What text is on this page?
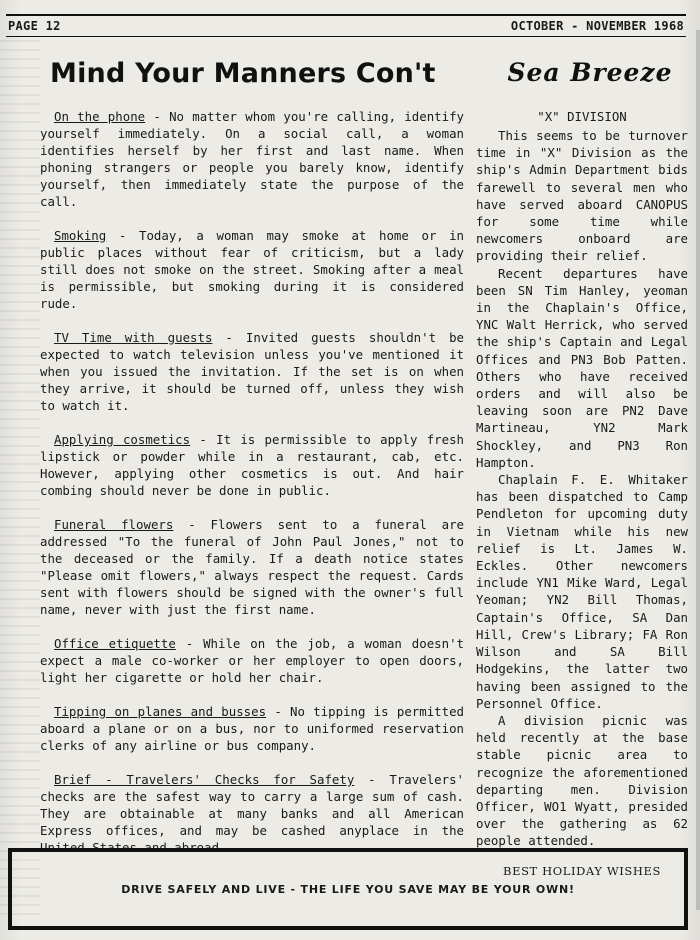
PAGE 12	OCTOBER - NOVEMBER 1968
Mind Your Manners Con't	Sea Breeze

On the phone - No matter whom you're calling, identify yourself immediately. On a social call, a woman identifies herself by her first and last name. When phoning strangers or people you barely know, identify yourself, then immediately state the purpose of the call.

Smoking - Today, a woman may smoke at home or in public places without fear of criticism, but a lady still does not smoke on the street. Smoking after a meal is permissible, but smoking during it is considered rude.

TV Time with guests - Invited guests shouldn't be expected to watch television unless you've mentioned it when you issued the invitation. If the set is on when they arrive, it should be turned off, unless they wish to watch it.

Applying cosmetics - It is permissible to apply fresh lipstick or powder while in a restaurant, cab, etc. However, applying other cosmetics is out. And hair combing should never be done in public.

Funeral flowers - Flowers sent to a funeral are addressed "To the funeral of John Paul Jones," not to the deceased or the family. If a death notice states "Please omit flowers," always respect the request. Cards sent with flowers should be signed with the owner's full name, never with just the first name.

Office etiquette - While on the job, a woman doesn't expect a male co-worker or her employer to open doors, light her cigarette or hold her chair.

Tipping on planes and busses - No tipping is permitted aboard a plane or on a bus, nor to uniformed reservation clerks of any airline or bus company.

Brief - Travelers' Checks for Safety - Travelers' checks are the safest way to carry a large sum of cash. They are obtainable at many banks and all American Express offices, and may be cashed anyplace in the United States and abroad.

"X" DIVISION

This seems to be turnover time in "X" Division as the ship's Admin Department bids farewell to several men who have served aboard CANOPUS for some time while newcomers onboard are providing their relief.

Recent departures have been SN Tim Hanley, yeoman in the Chaplain's Office, YNC Walt Herrick, who served the ship's Captain and Legal Offices and PN3 Bob Patten. Others who have received orders and will also be leaving soon are PN2 Dave Martineau, YN2 Mark Shockley, and PN3 Ron Hampton.

Chaplain F. E. Whitaker has been dispatched to Camp Pendleton for upcoming duty in Vietnam while his new relief is Lt. James W. Eckles. Other newcomers include YN1 Mike Ward, Legal Yeoman; YN2 Bill Thomas, Captain's Office, SA Dan Hill, Crew's Library; FA Ron Wilson and SA Bill Hodgekins, the latter two having been assigned to the Personnel Office.

A division picnic was held recently at the base stable picnic area to recognize the aforementioned departing men. Division Officer, WO1 Wyatt, presided over the gathering as 62 people attended.

BEST HOLIDAY WISHES
DRIVE SAFELY AND LIVE - THE LIFE YOU SAVE MAY BE YOUR OWN!
